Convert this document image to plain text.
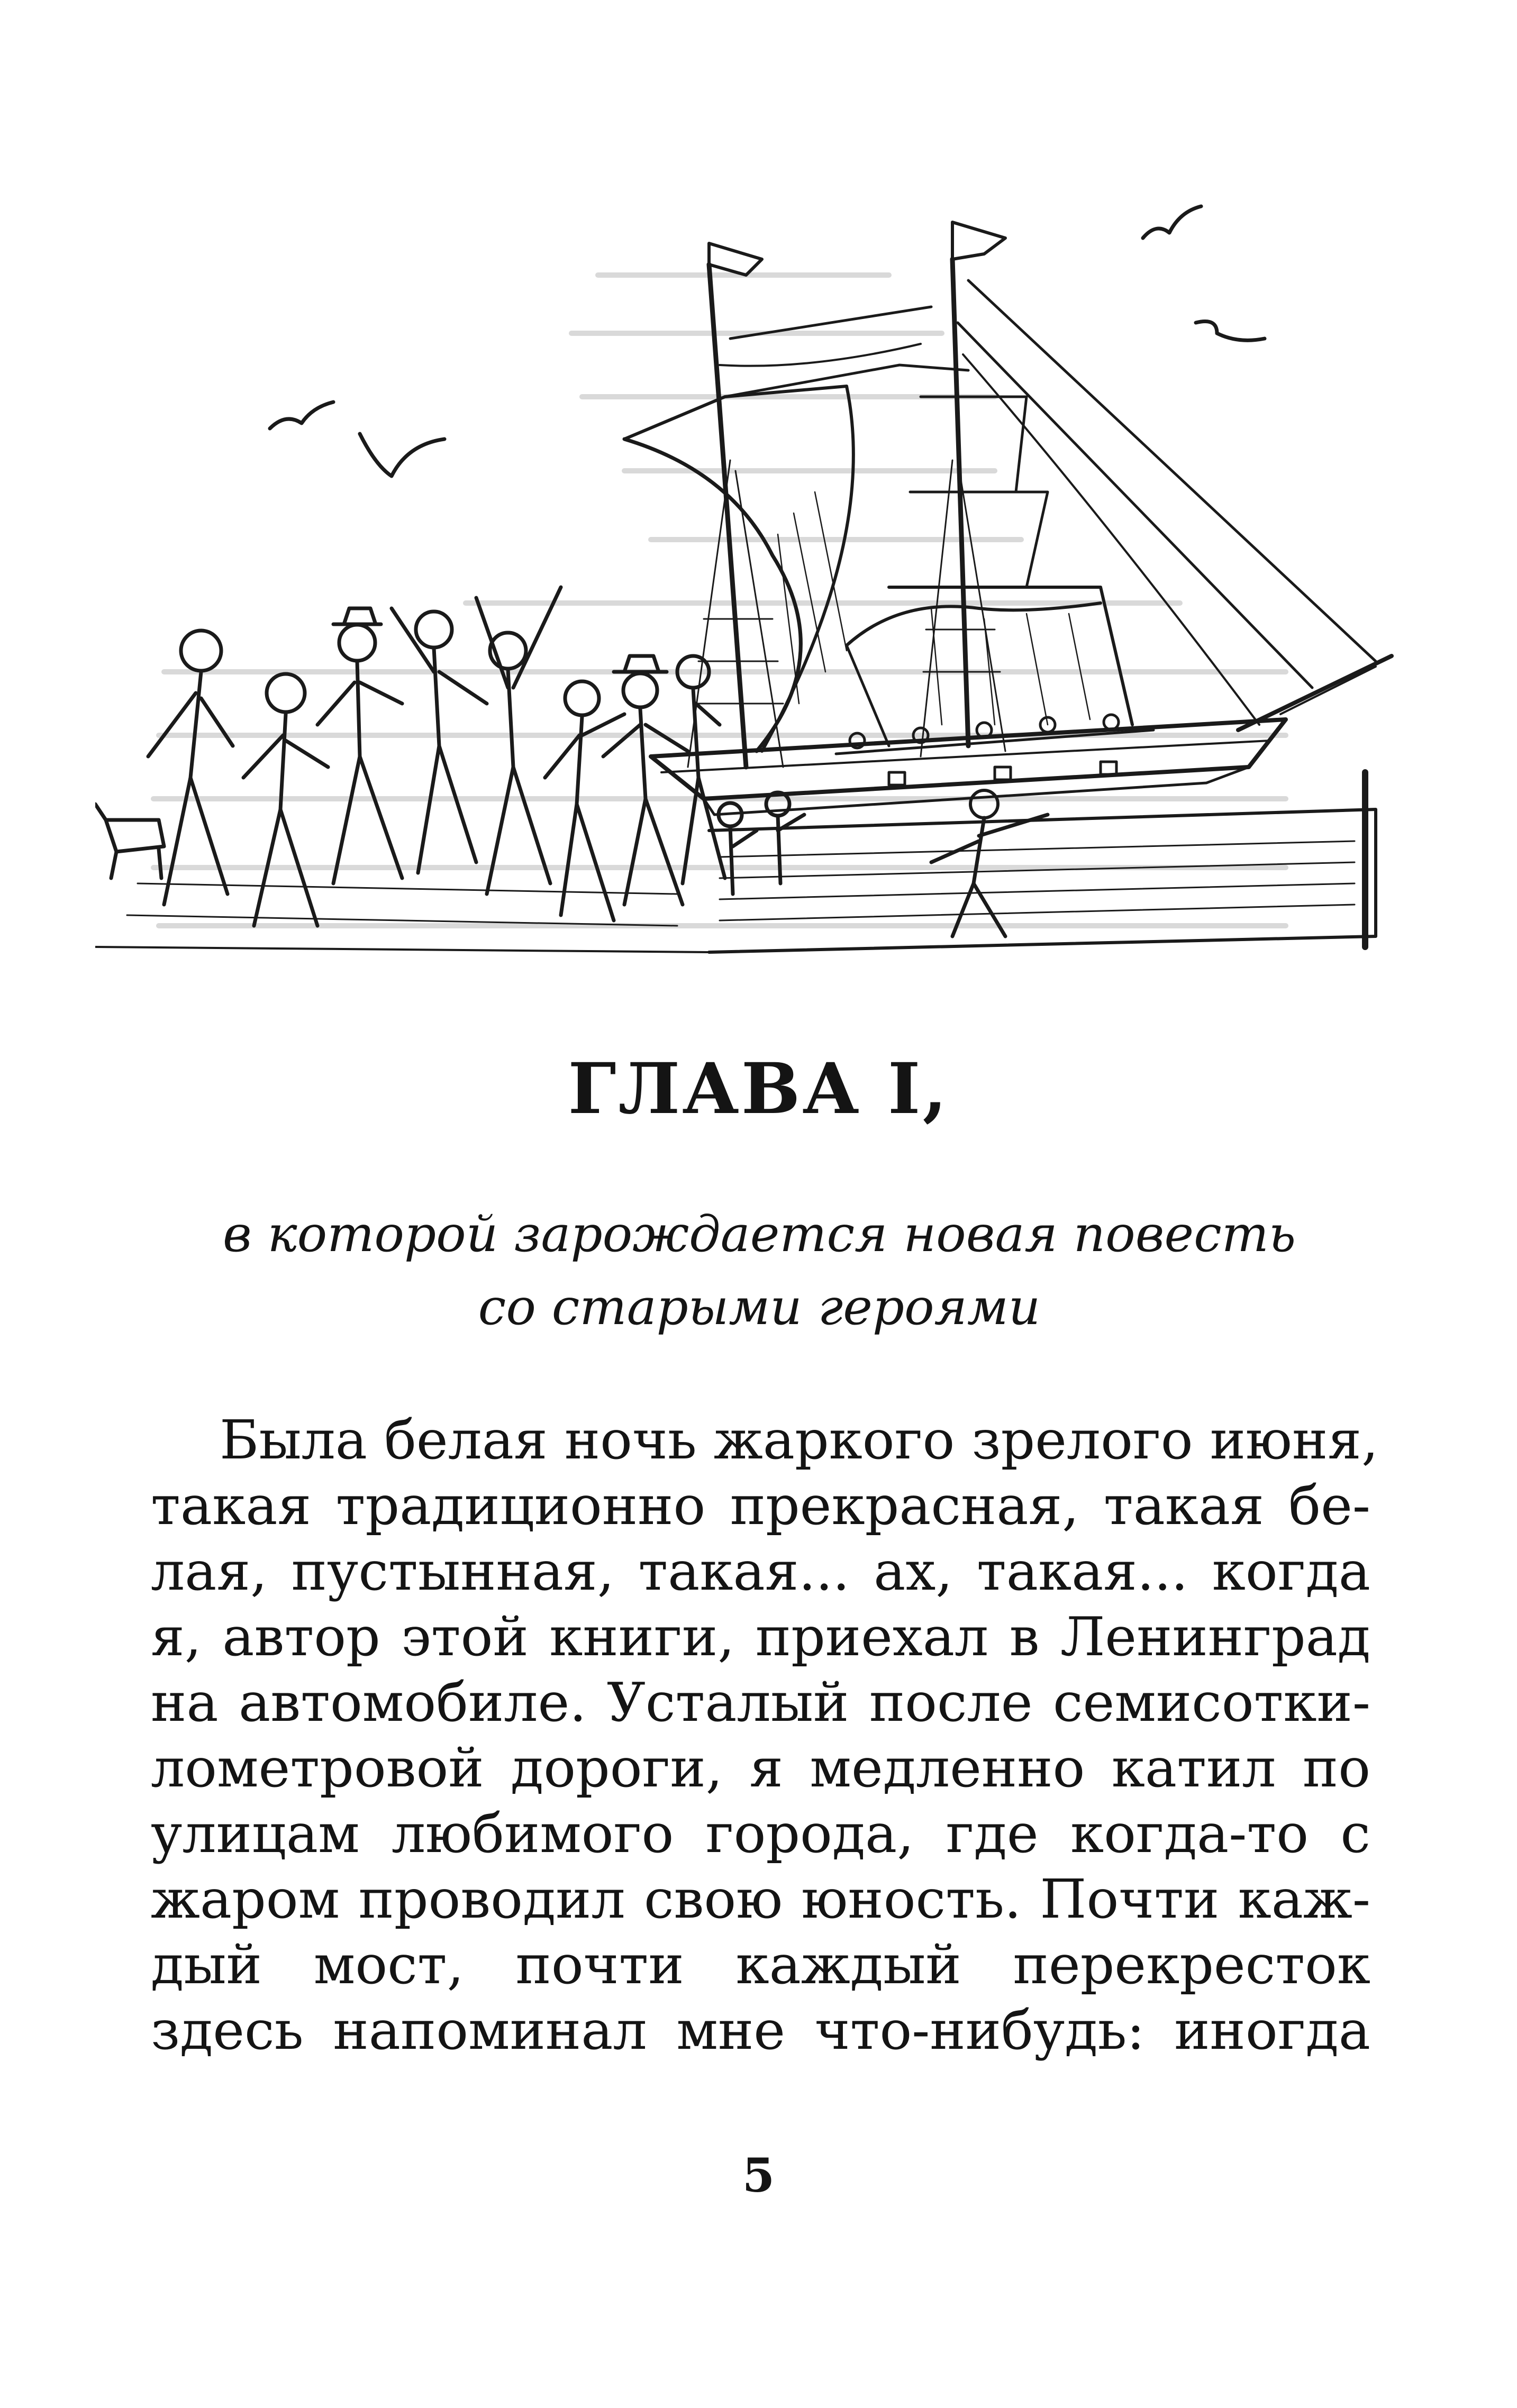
ГЛАВА I,
в которой зарождается новая повесть
со старыми героями
Была белая ночь жаркого зрелого июня,
такая традиционно прекрасная, такая бе-
лая, пустынная, такая... ах, такая... когда
я, автор этой книги, приехал в Ленинград
на автомобиле. Усталый после семисотки-
лометровой дороги, я медленно катил по
улицам любимого города, где когда-то с
жаром проводил свою юность. Почти каж-
дый мост, почти каждый перекресток
здесь напоминал мне что-нибудь: иногда
5
